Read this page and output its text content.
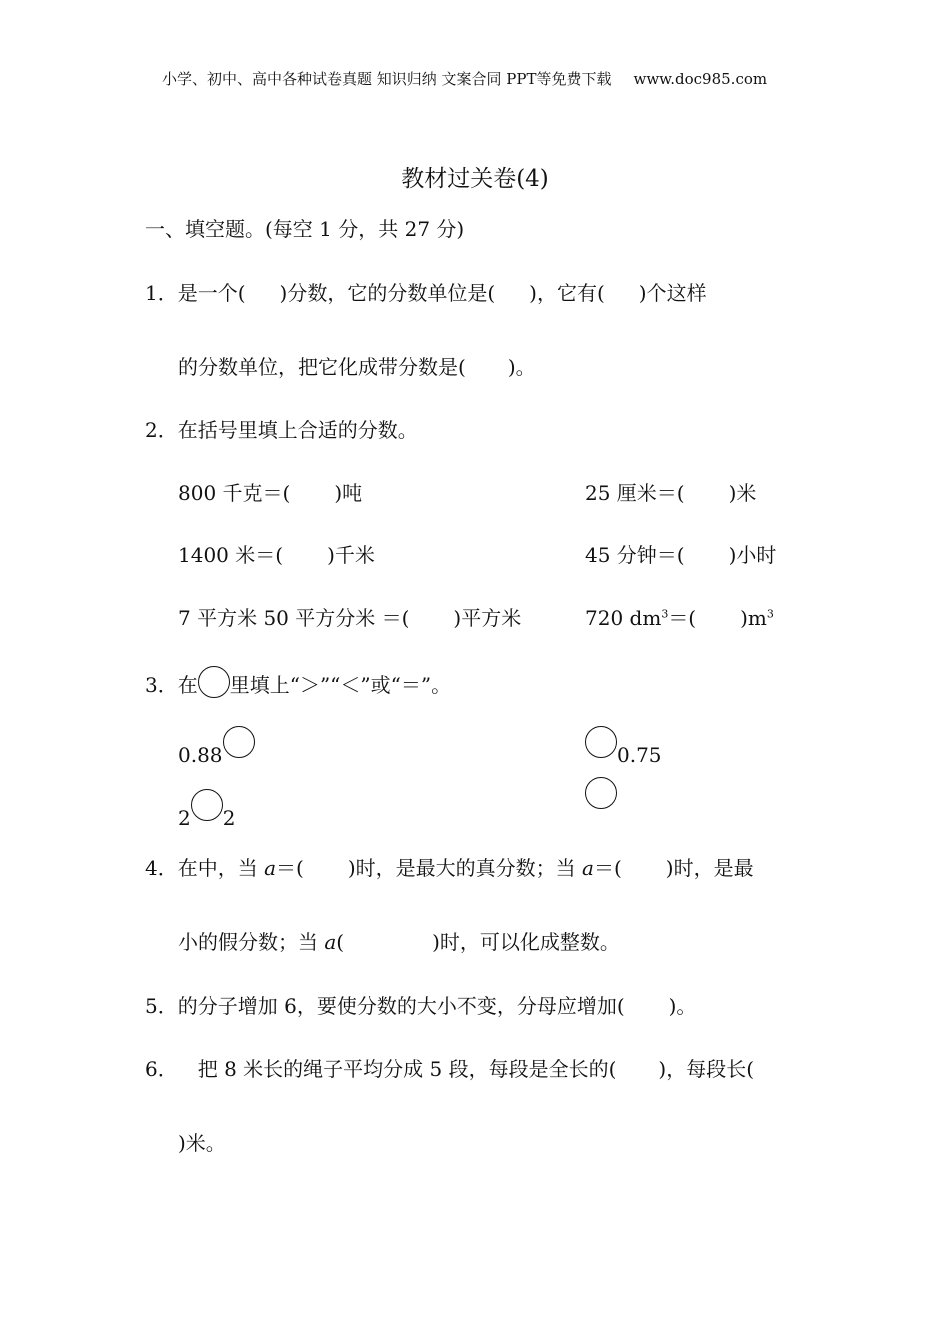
小学、初中、高中各种试卷真题 知识归纳 文案合同 PPT等免费下载 www.doc985.com
教材过关卷(4)
一、填空题。(每空 1 分，共 27 分)
1．是一个( )分数，它的分数单位是( )，它有( )个这样
的分数单位，把它化成带分数是( )。
2．在括号里填上合适的分数。
800 千克＝( )吨	25 厘米＝( )米
1400 米＝( )千米	45 分钟＝( )小时
7 平方米 50 平方分米 ＝( )平方米	720 $dm^3=$( )$m^3$
3．在 里填上“＞”“＜”或“＝”。
0.88	0.75
2 2
4．在中，当 a＝( )时，是最大的真分数；当 a＝( )时，是最
小的假分数；当 a(	)时，可以化成整数。
5．的分子增加 6，要使分数的大小不变，分母应增加( )。
6． 把 8 米长的绳子平均分成 5 段，每段是全长的( )，每段长(
)米。
